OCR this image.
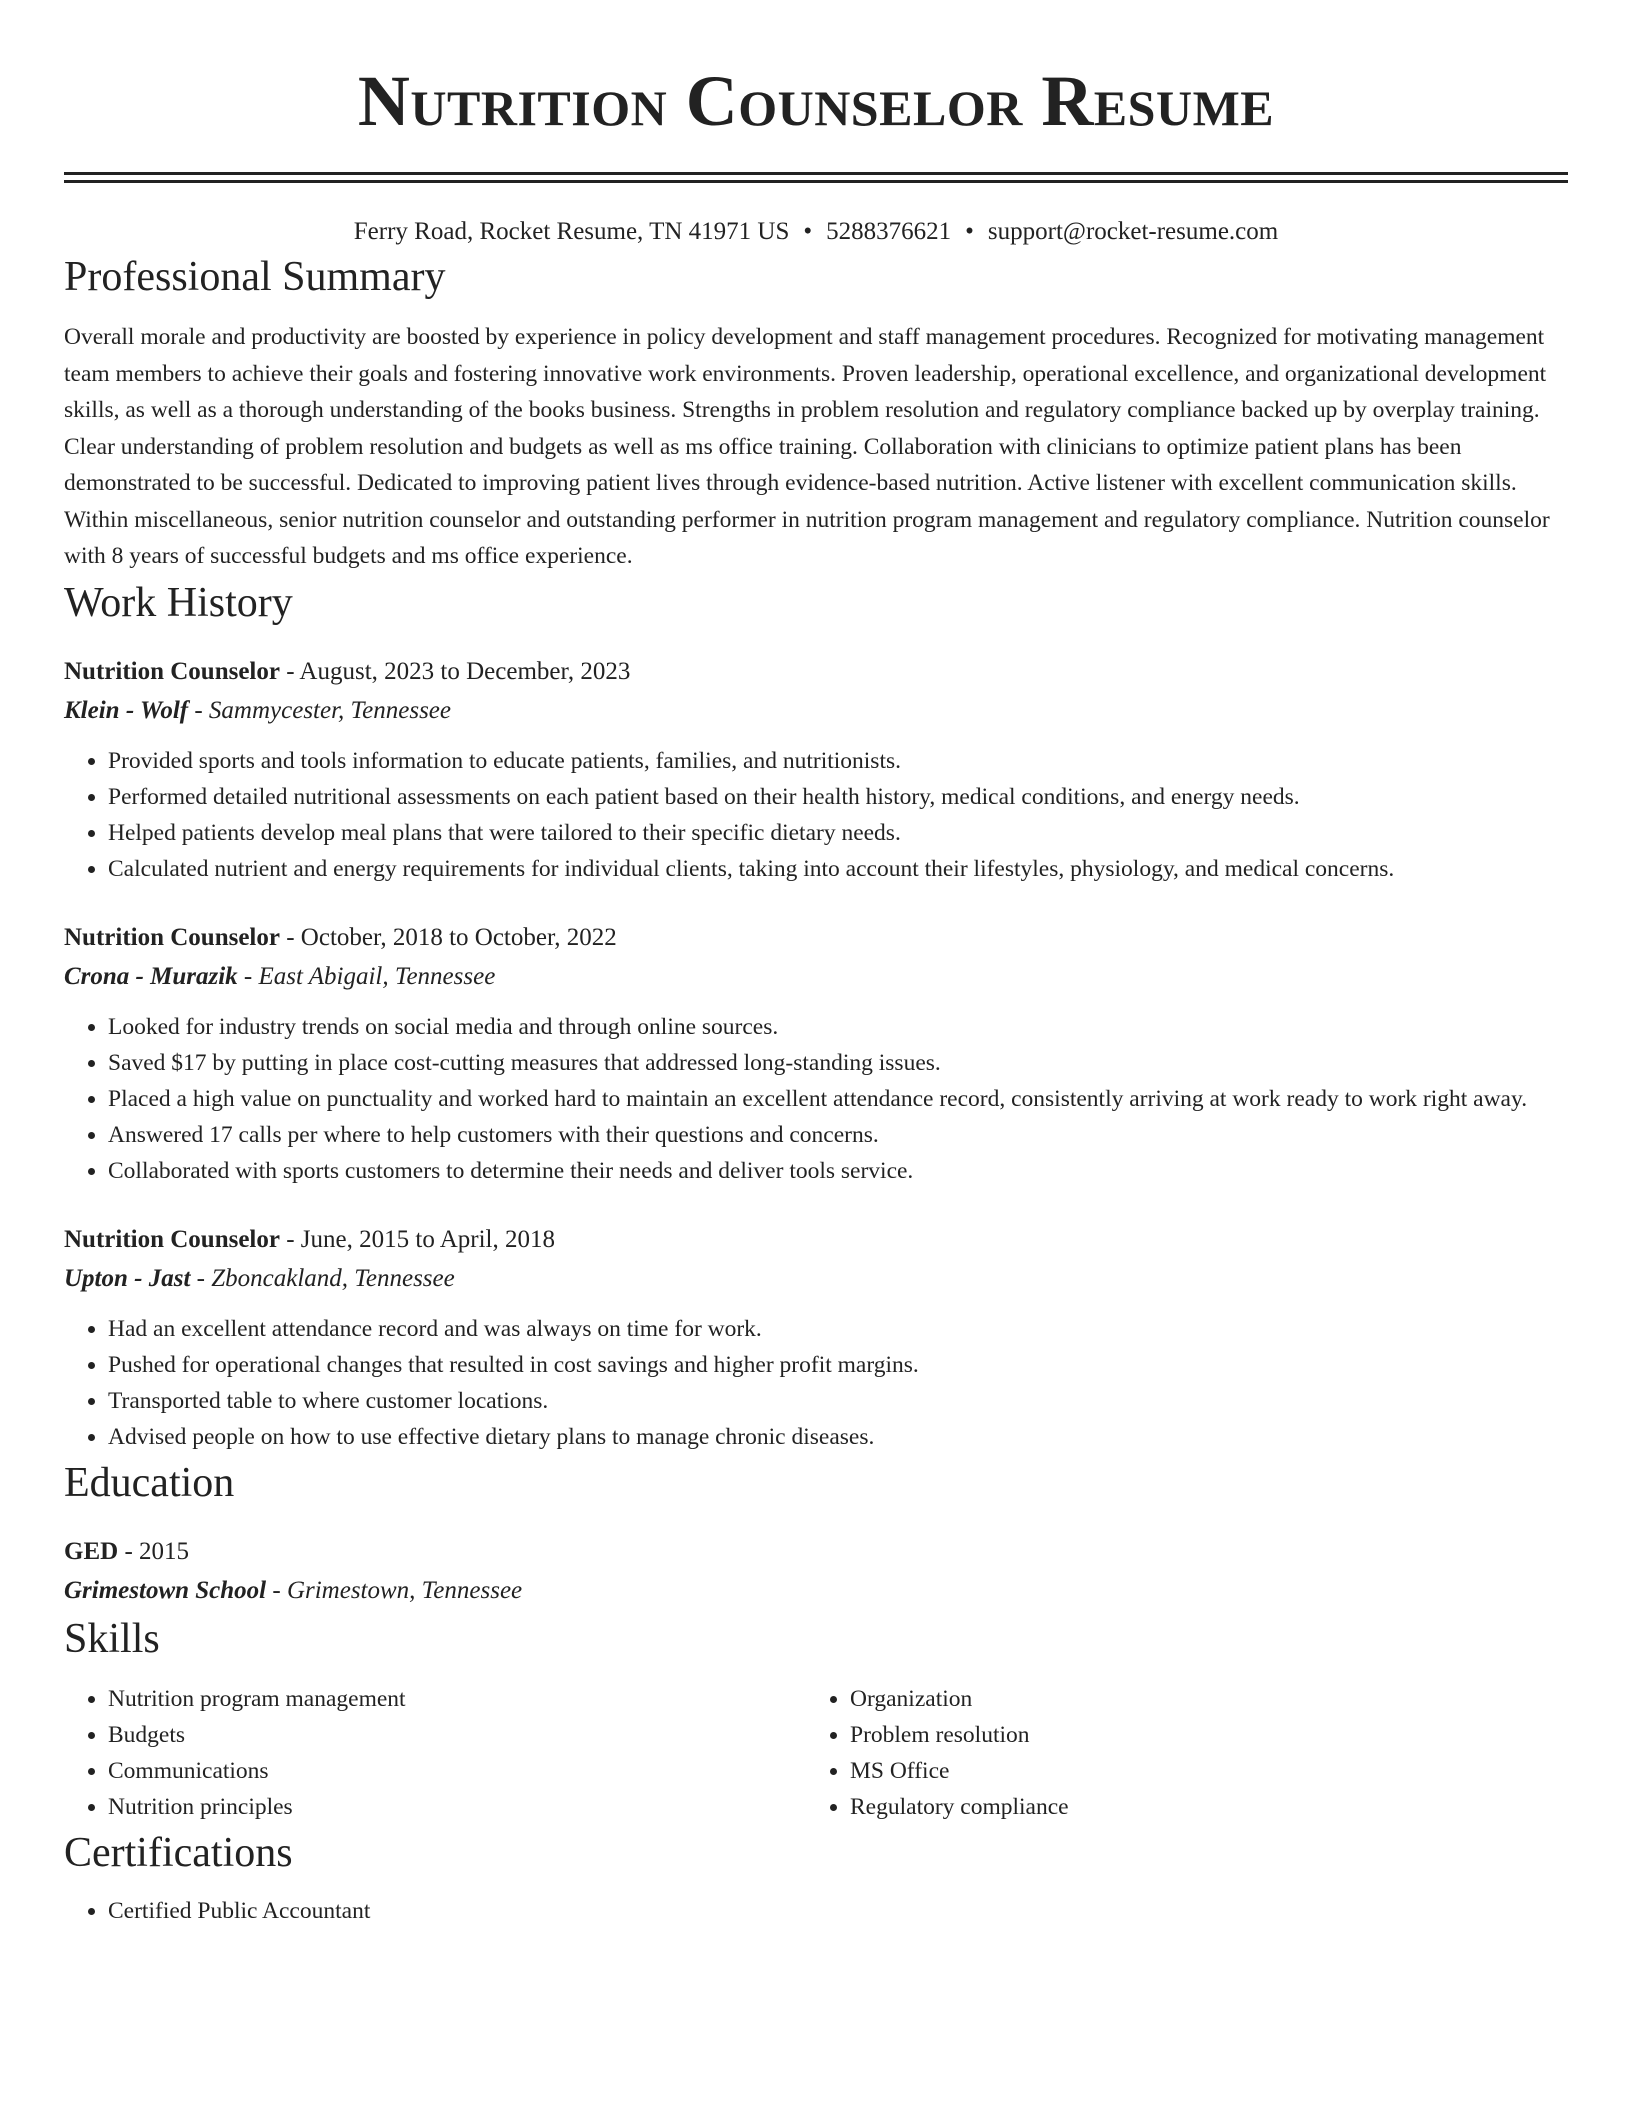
Nutrition Counselor Resume
Ferry Road, Rocket Resume, TN 41971 US • 5288376621 • support@rocket-resume.com
Professional Summary
Overall morale and productivity are boosted by experience in policy development and staff management procedures. Recognized for motivating management team members to achieve their goals and fostering innovative work environments. Proven leadership, operational excellence, and organizational development skills, as well as a thorough understanding of the books business. Strengths in problem resolution and regulatory compliance backed up by overplay training. Clear understanding of problem resolution and budgets as well as ms office training. Collaboration with clinicians to optimize patient plans has been demonstrated to be successful. Dedicated to improving patient lives through evidence-based nutrition. Active listener with excellent communication skills. Within miscellaneous, senior nutrition counselor and outstanding performer in nutrition program management and regulatory compliance. Nutrition counselor with 8 years of successful budgets and ms office experience.
Work History
Nutrition Counselor - August, 2023 to December, 2023
Klein - Wolf - Sammycester, Tennessee
• Provided sports and tools information to educate patients, families, and nutritionists.
• Performed detailed nutritional assessments on each patient based on their health history, medical conditions, and energy needs.
• Helped patients develop meal plans that were tailored to their specific dietary needs.
• Calculated nutrient and energy requirements for individual clients, taking into account their lifestyles, physiology, and medical concerns.
Nutrition Counselor - October, 2018 to October, 2022
Crona - Murazik - East Abigail, Tennessee
• Looked for industry trends on social media and through online sources.
• Saved $17 by putting in place cost-cutting measures that addressed long-standing issues.
• Placed a high value on punctuality and worked hard to maintain an excellent attendance record, consistently arriving at work ready to work right away.
• Answered 17 calls per where to help customers with their questions and concerns.
• Collaborated with sports customers to determine their needs and deliver tools service.
Nutrition Counselor - June, 2015 to April, 2018
Upton - Jast - Zboncakland, Tennessee
• Had an excellent attendance record and was always on time for work.
• Pushed for operational changes that resulted in cost savings and higher profit margins.
• Transported table to where customer locations.
• Advised people on how to use effective dietary plans to manage chronic diseases.
Education
GED - 2015
Grimestown School - Grimestown, Tennessee
Skills
• Nutrition program management
• Budgets
• Communications
• Nutrition principles
• Organization
• Problem resolution
• MS Office
• Regulatory compliance
Certifications
• Certified Public Accountant
